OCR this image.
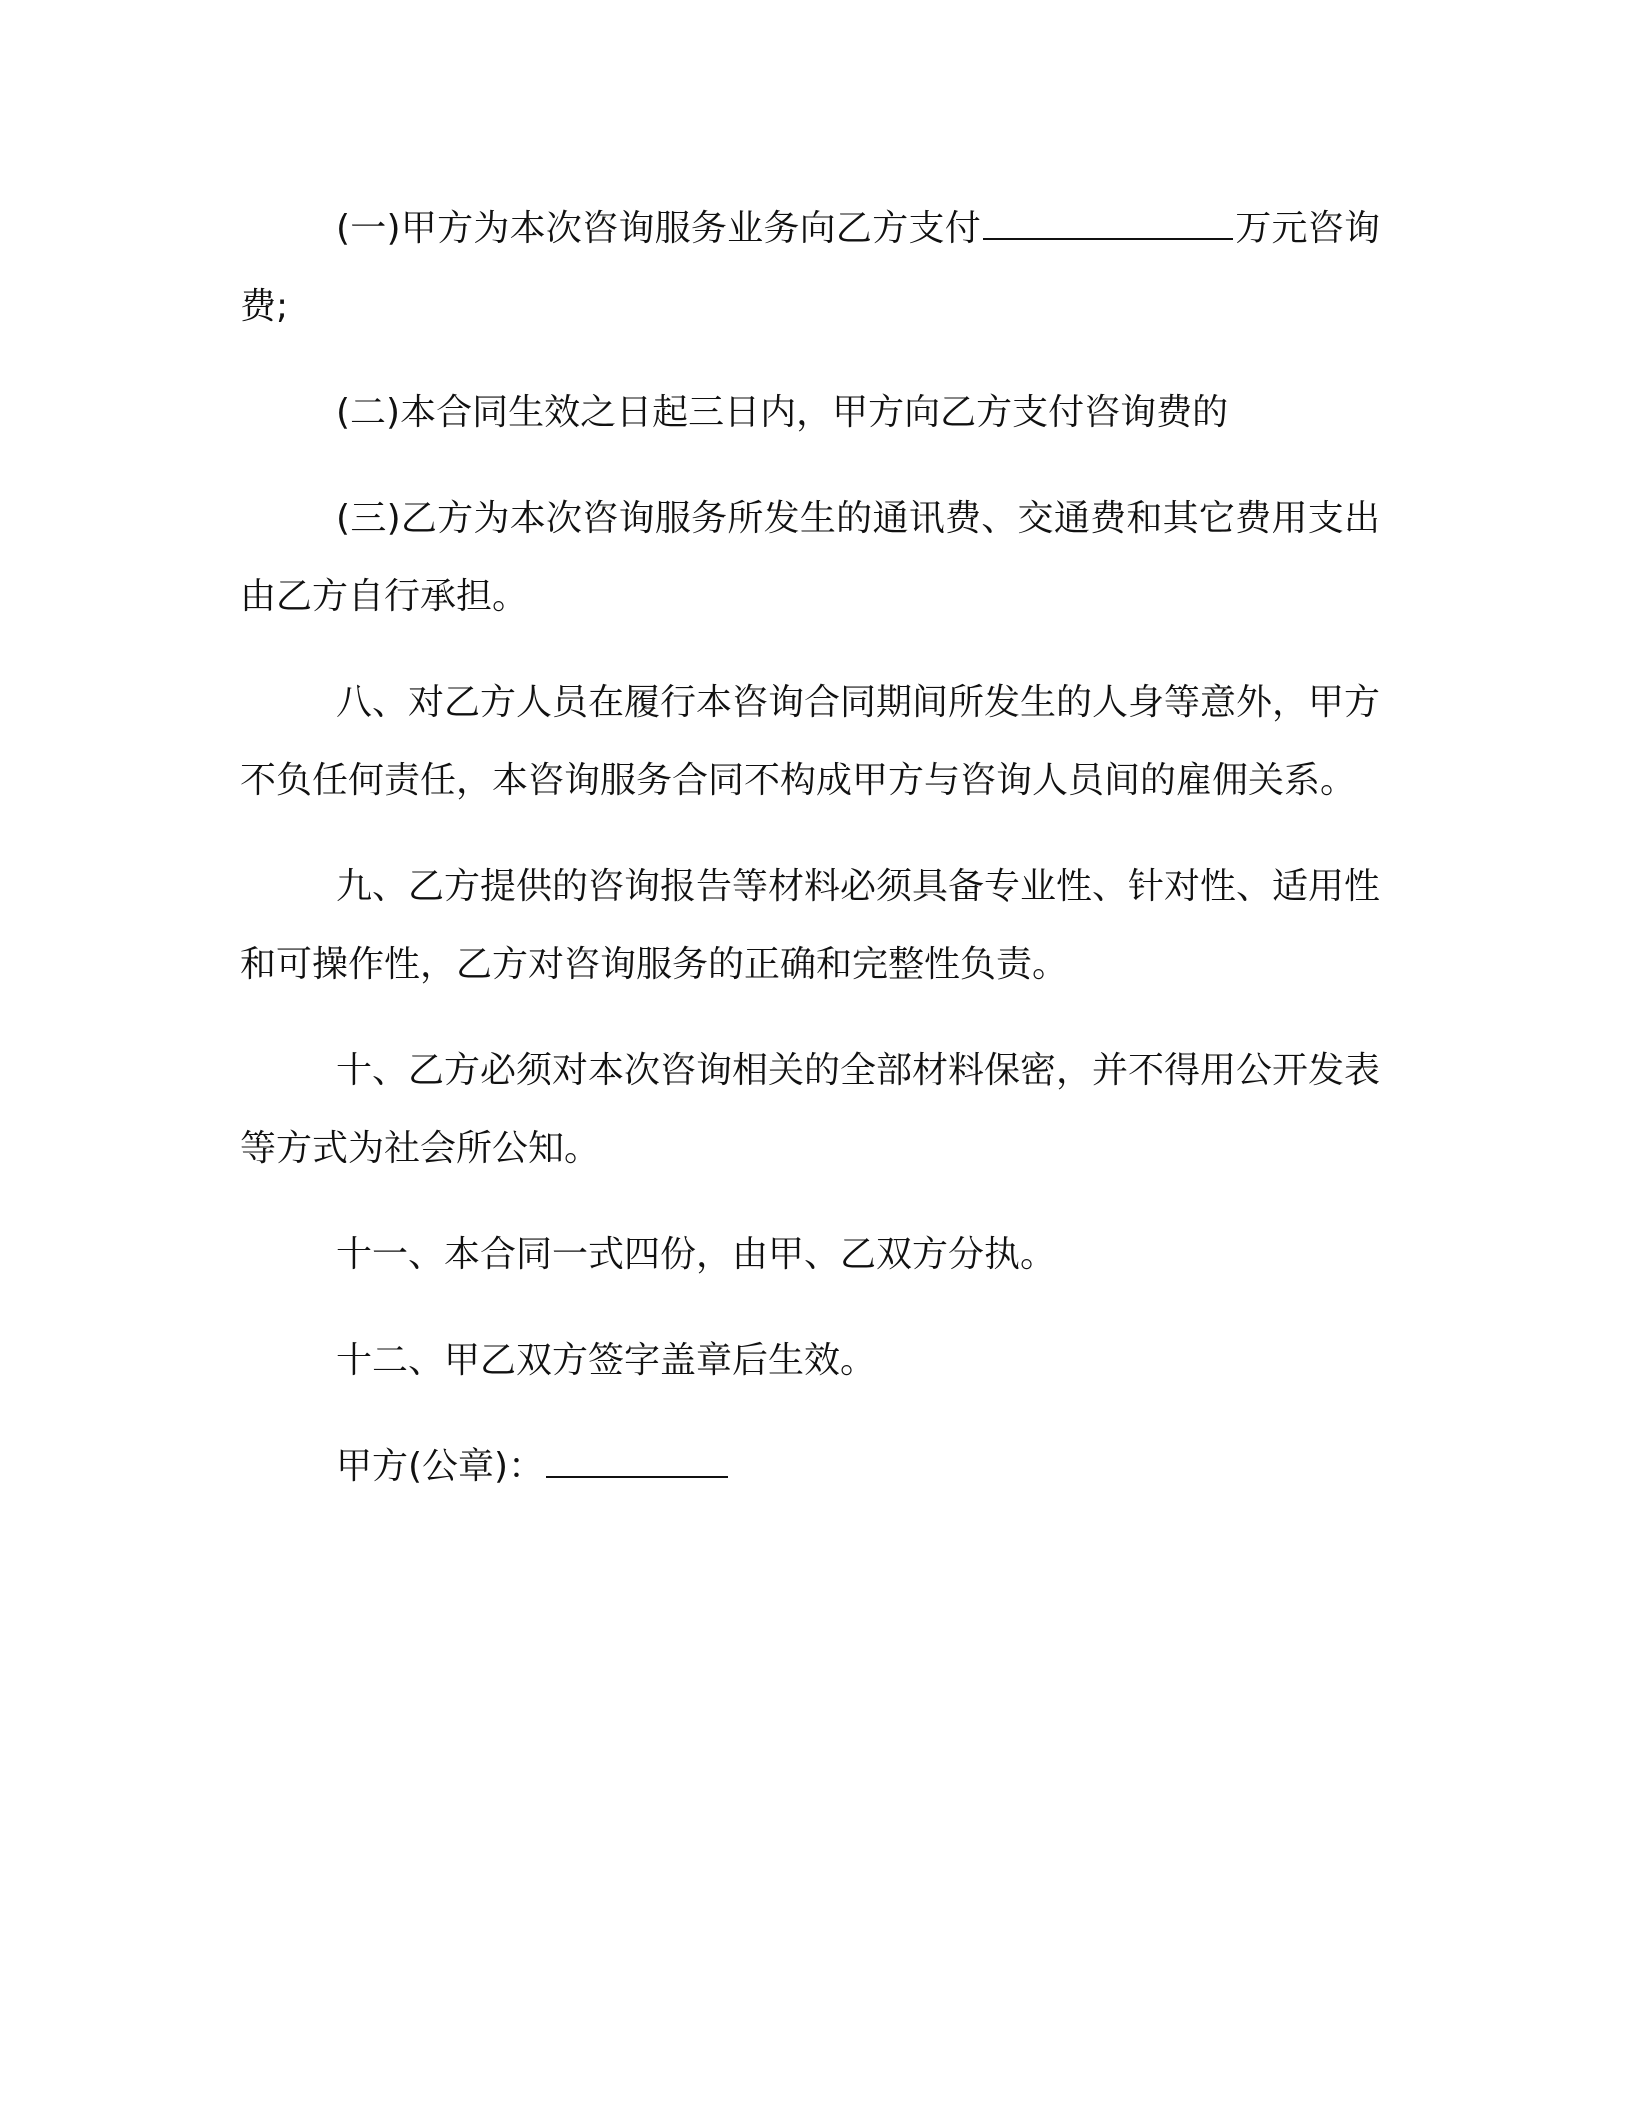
(一)甲方为本次咨询服务业务向乙方支付	万元咨询费;

(二)本合同生效之日起三日内，甲方向乙方支付咨询费的

(三)乙方为本次咨询服务所发生的通讯费、交通费和其它费用支出由乙方自行承担。

八、对乙方人员在履行本咨询合同期间所发生的人身等意外，甲方不负任何责任，本咨询服务合同不构成甲方与咨询人员间的雇佣关系。

九、乙方提供的咨询报告等材料必须具备专业性、针对性、适用性和可操作性，乙方对咨询服务的正确和完整性负责。

十、乙方必须对本次咨询相关的全部材料保密，并不得用公开发表等方式为社会所公知。

十一、本合同一式四份，由甲、乙双方分执。

十二、甲乙双方签字盖章后生效。

甲方(公章)：
